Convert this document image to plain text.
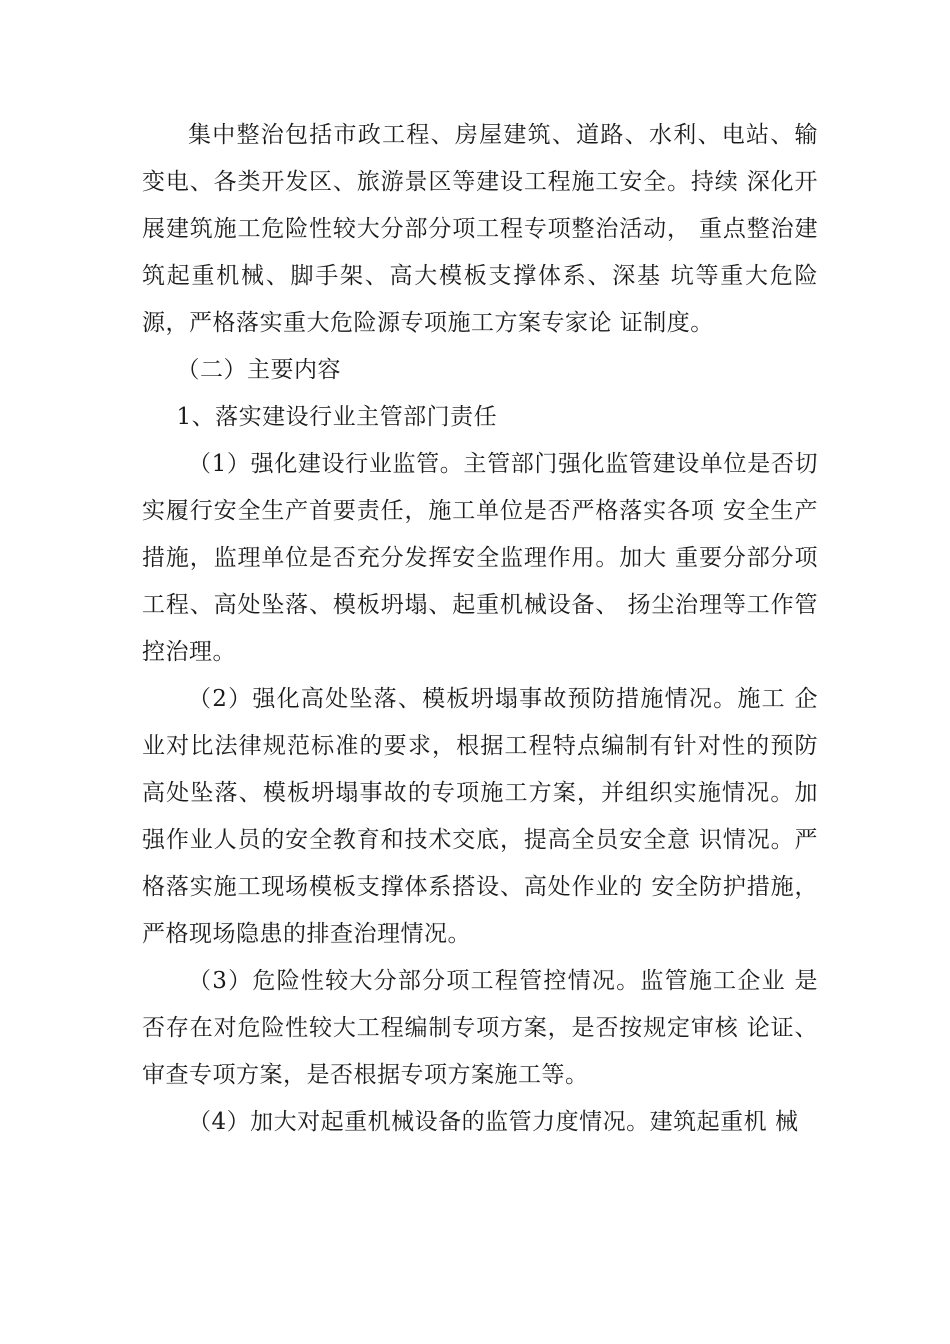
集中整治包括市政工程、房屋建筑、道路、水利、电站、输变电、各类开发区、旅游景区等建设工程施工安全。持续 深化开展建筑施工危险性较大分部分项工程专项整治活动， 重点整治建筑起重机械、脚手架、高大模板支撑体系、深基 坑等重大危险源，严格落实重大危险源专项施工方案专家论 证制度。

（二）主要内容

1、落实建设行业主管部门责任

（1）强化建设行业监管。主管部门强化监管建设单位是否切实履行安全生产首要责任，施工单位是否严格落实各项 安全生产措施，监理单位是否充分发挥安全监理作用。加大 重要分部分项工程、高处坠落、模板坍塌、起重机械设备、 扬尘治理等工作管控治理。

（2）强化高处坠落、模板坍塌事故预防措施情况。施工 企业对比法律规范标准的要求，根据工程特点编制有针对性的预防高处坠落、模板坍塌事故的专项施工方案，并组织实施情况。加强作业人员的安全教育和技术交底，提高全员安全意 识情况。严格落实施工现场模板支撑体系搭设、高处作业的 安全防护措施，严格现场隐患的排查治理情况。

（3）危险性较大分部分项工程管控情况。监管施工企业 是否存在对危险性较大工程编制专项方案，是否按规定审核 论证、审查专项方案，是否根据专项方案施工等。

（4）加大对起重机械设备的监管力度情况。建筑起重机 械
